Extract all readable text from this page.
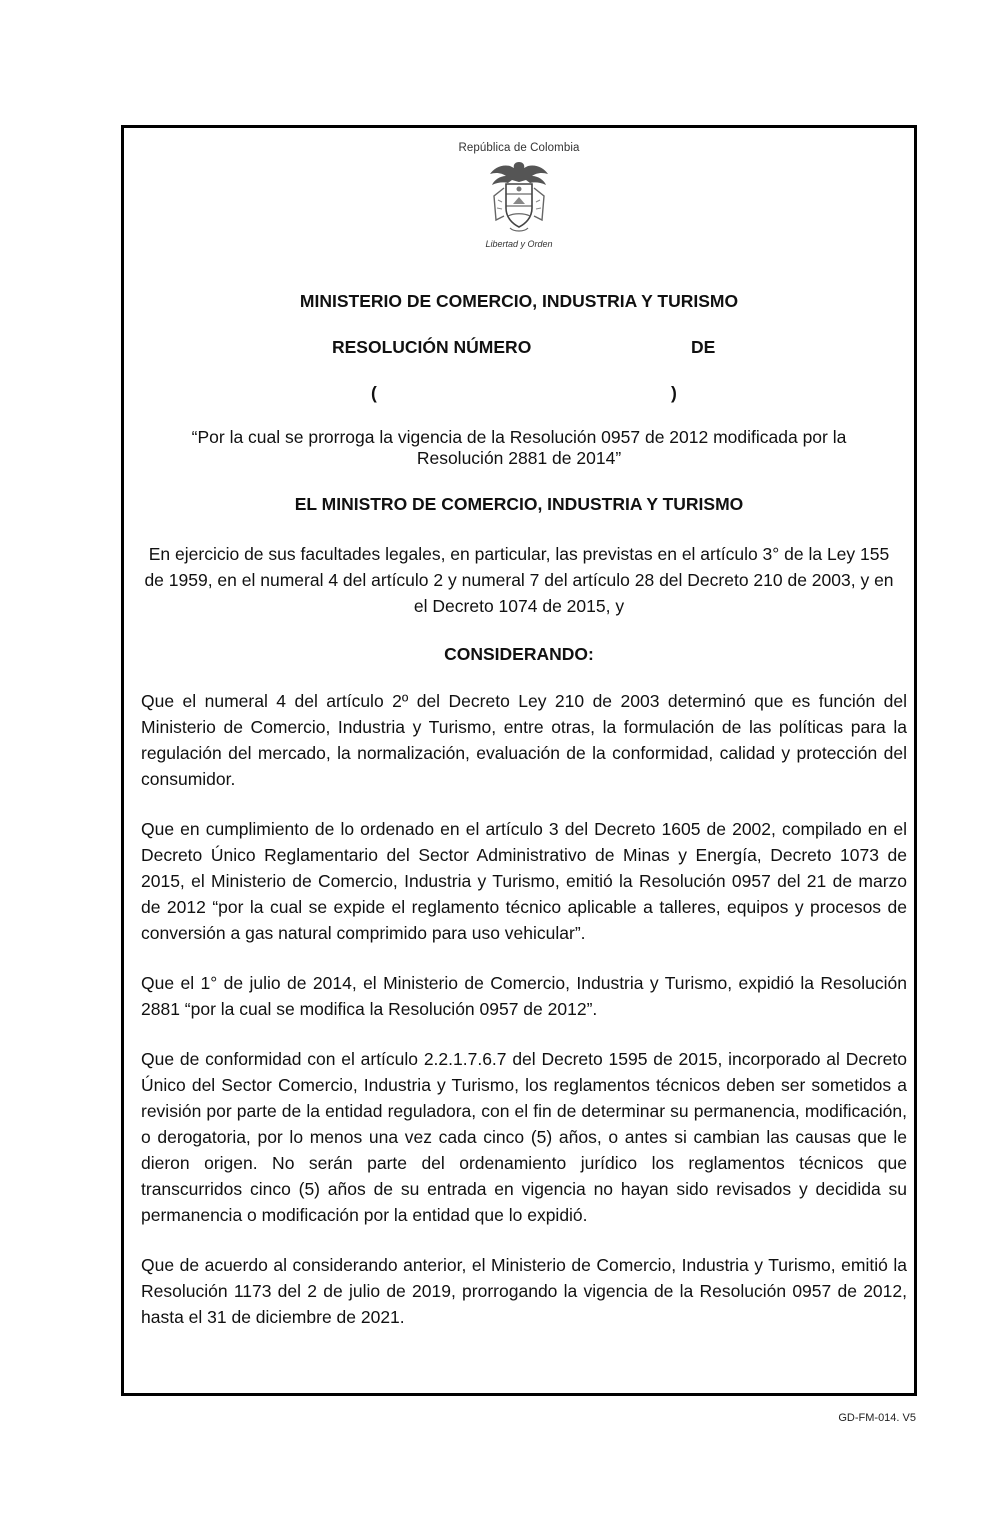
República de Colombia
Libertad y Orden
MINISTERIO DE COMERCIO, INDUSTRIA Y TURISMO
RESOLUCIÓN NÚMERO	DE
(	)
“Por la cual se prorroga la vigencia de la Resolución 0957 de 2012 modificada por la Resolución 2881 de 2014”
EL MINISTRO DE COMERCIO, INDUSTRIA Y TURISMO
En ejercicio de sus facultades legales, en particular, las previstas en el artículo 3° de la Ley 155 de 1959, en el numeral 4 del artículo 2 y numeral 7 del artículo 28 del Decreto 210 de 2003, y en el Decreto 1074 de 2015, y
CONSIDERANDO:

Que el numeral 4 del artículo 2º del Decreto Ley 210 de 2003 determinó que es función del Ministerio de Comercio, Industria y Turismo, entre otras, la formulación de las políticas para la regulación del mercado, la normalización, evaluación de la conformidad, calidad y protección del consumidor.

Que en cumplimiento de lo ordenado en el artículo 3 del Decreto 1605 de 2002, compilado en el Decreto Único Reglamentario del Sector Administrativo de Minas y Energía, Decreto 1073 de 2015, el Ministerio de Comercio, Industria y Turismo, emitió la Resolución 0957 del 21 de marzo de 2012 “por la cual se expide el reglamento técnico aplicable a talleres, equipos y procesos de conversión a gas natural comprimido para uso vehicular”.

Que el 1° de julio de 2014, el Ministerio de Comercio, Industria y Turismo, expidió la Resolución 2881 “por la cual se modifica la Resolución 0957 de 2012”.

Que de conformidad con el artículo 2.2.1.7.6.7 del Decreto 1595 de 2015, incorporado al Decreto Único del Sector Comercio, Industria y Turismo, los reglamentos técnicos deben ser sometidos a revisión por parte de la entidad reguladora, con el fin de determinar su permanencia, modificación, o derogatoria, por lo menos una vez cada cinco (5) años, o antes si cambian las causas que le dieron origen. No serán parte del ordenamiento jurídico los reglamentos técnicos que transcurridos cinco (5) años de su entrada en vigencia no hayan sido revisados y decidida su permanencia o modificación por la entidad que lo expidió.

Que de acuerdo al considerando anterior, el Ministerio de Comercio, Industria y Turismo, emitió la Resolución 1173 del 2 de julio de 2019, prorrogando la vigencia de la Resolución 0957 de 2012, hasta el 31 de diciembre de 2021.

GD-FM-014. V5
